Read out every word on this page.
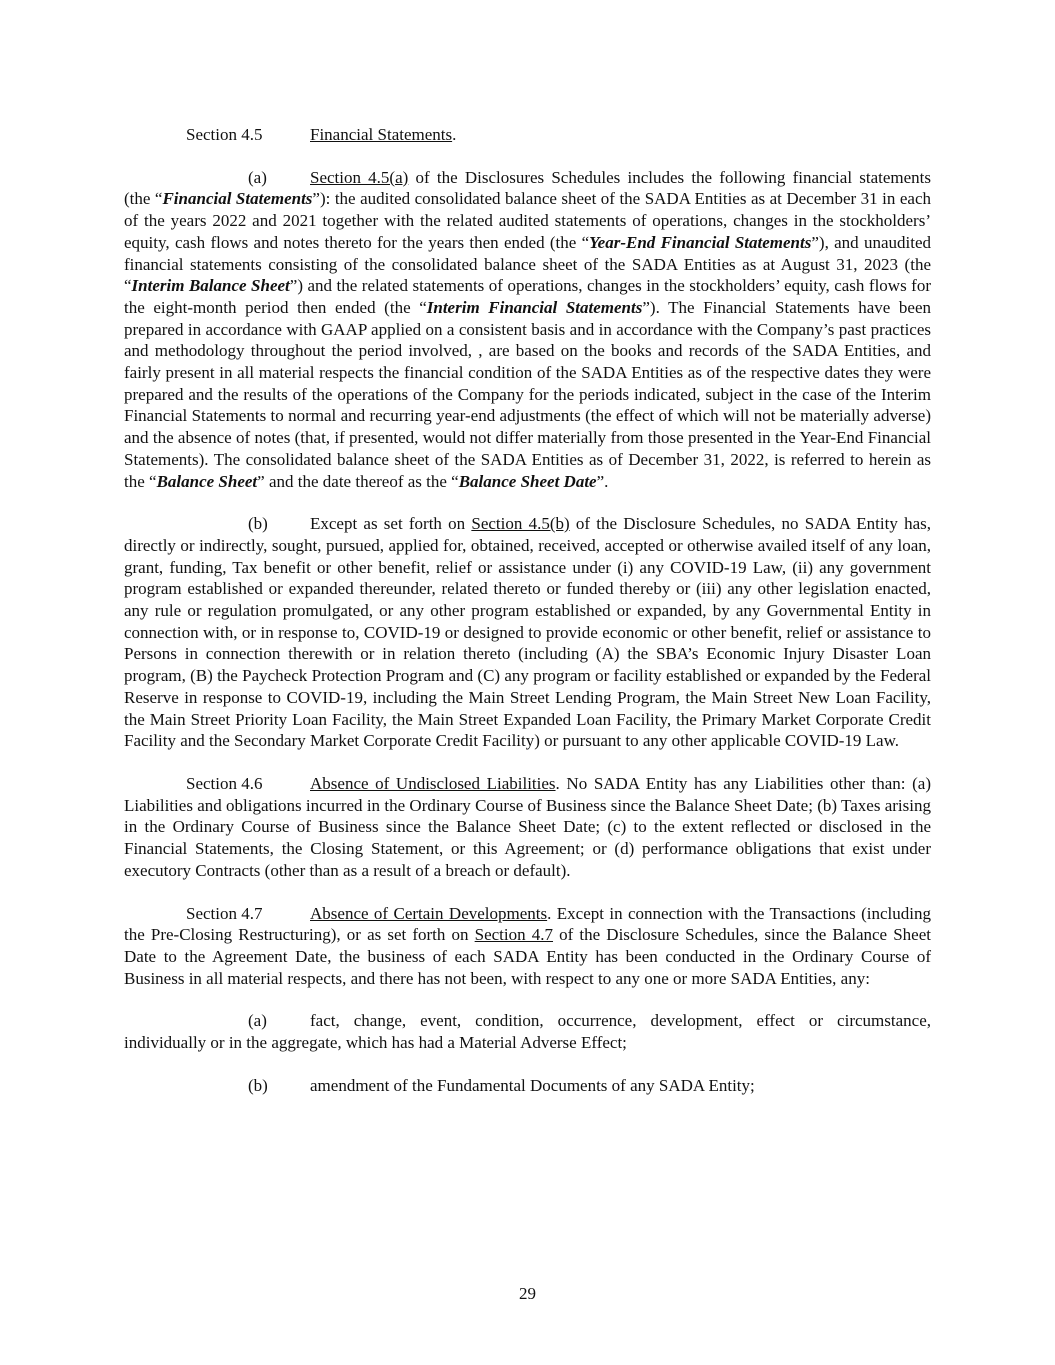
Section 4.5	Financial Statements.

(a)	Section 4.5(a) of the Disclosures Schedules includes the following financial statements (the “Financial Statements”): the audited consolidated balance sheet of the SADA Entities as at December 31 in each of the years 2022 and 2021 together with the related audited statements of operations, changes in the stockholders’ equity, cash flows and notes thereto for the years then ended (the “Year-End Financial Statements”), and unaudited financial statements consisting of the consolidated balance sheet of the SADA Entities as at August 31, 2023 (the “Interim Balance Sheet”) and the related statements of operations, changes in the stockholders’ equity, cash flows for the eight-month period then ended (the “Interim Financial Statements”). The Financial Statements have been prepared in accordance with GAAP applied on a consistent basis and in accordance with the Company’s past practices and methodology throughout the period involved, , are based on the books and records of the SADA Entities, and fairly present in all material respects the financial condition of the SADA Entities as of the respective dates they were prepared and the results of the operations of the Company for the periods indicated, subject in the case of the Interim Financial Statements to normal and recurring year-end adjustments (the effect of which will not be materially adverse) and the absence of notes (that, if presented, would not differ materially from those presented in the Year-End Financial Statements). The consolidated balance sheet of the SADA Entities as of December 31, 2022, is referred to herein as the “Balance Sheet” and the date thereof as the “Balance Sheet Date”.

(b) Except as set forth on Section 4.5(b) of the Disclosure Schedules, no SADA Entity has, directly or indirectly, sought, pursued, applied for, obtained, received, accepted or otherwise availed itself of any loan, grant, funding, Tax benefit or other benefit, relief or assistance under (i) any COVID-19 Law, (ii) any government program established or expanded thereunder, related thereto or funded thereby or (iii) any other legislation enacted, any rule or regulation promulgated, or any other program established or expanded, by any Governmental Entity in connection with, or in response to, COVID-19 or designed to provide economic or other benefit, relief or assistance to Persons in connection therewith or in relation thereto (including (A) the SBA’s Economic Injury Disaster Loan program, (B) the Paycheck Protection Program and (C) any program or facility established or expanded by the Federal Reserve in response to COVID-19, including the Main Street Lending Program, the Main Street New Loan Facility, the Main Street Priority Loan Facility, the Main Street Expanded Loan Facility, the Primary Market Corporate Credit Facility and the Secondary Market Corporate Credit Facility) or pursuant to any other applicable COVID-19 Law.

Section 4.6	Absence of Undisclosed Liabilities. No SADA Entity has any Liabilities other than: (a) Liabilities and obligations incurred in the Ordinary Course of Business since the Balance Sheet Date; (b) Taxes arising in the Ordinary Course of Business since the Balance Sheet Date; (c) to the extent reflected or disclosed in the Financial Statements, the Closing Statement, or this Agreement; or (d) performance obligations that exist under executory Contracts (other than as a result of a breach or default).

Section 4.7	Absence of Certain Developments. Except in connection with the Transactions (including the Pre-Closing Restructuring), or as set forth on Section 4.7 of the Disclosure Schedules, since the Balance Sheet Date to the Agreement Date, the business of each SADA Entity has been conducted in the Ordinary Course of Business in all material respects, and there has not been, with respect to any one or more SADA Entities, any:

(a)	fact, change, event, condition, occurrence, development, effect or circumstance, individually or in the aggregate, which has had a Material Adverse Effect;

(b) amendment of the Fundamental Documents of any SADA Entity;

29
